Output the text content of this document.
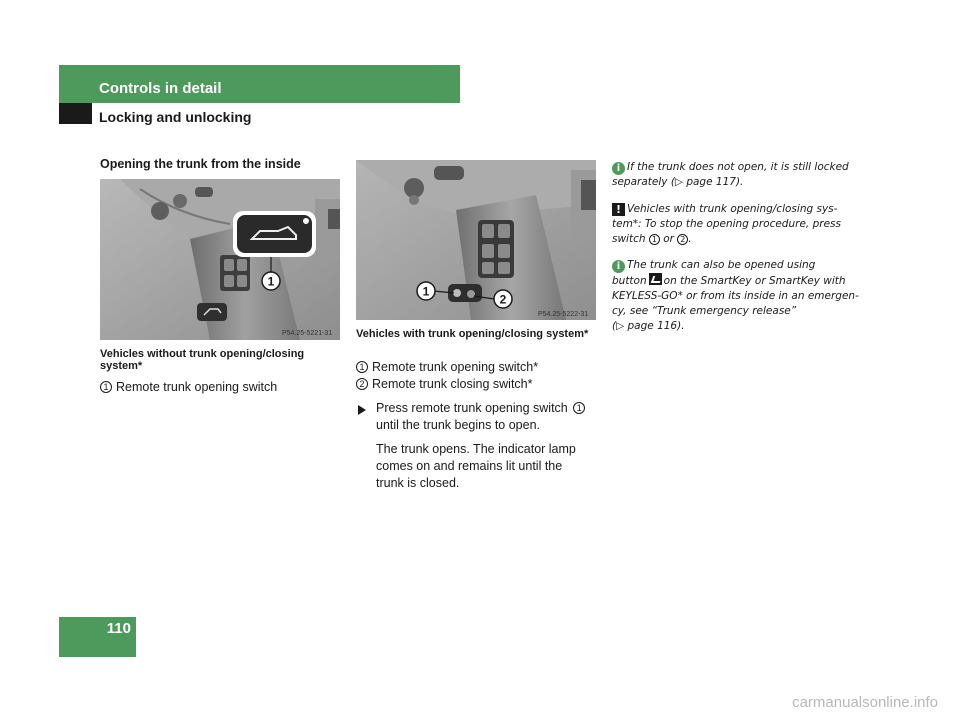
Controls in detail
Locking and unlocking
Opening the trunk from the inside
1
P54.25-5221-31
Vehicles without trunk opening/closing system*
1 Remote trunk opening switch
1
2
P54.25-5222-31
Vehicles with trunk opening/closing system*
1 Remote trunk opening switch*
2 Remote trunk closing switch*
Press remote trunk opening switch 1
until the trunk begins to open.
The trunk opens. The indicator lamp comes on and remains lit until the trunk is closed.
i If the trunk does not open, it is still locked
separately (▷ page 117).
! Vehicles with trunk opening/closing sys-
tem*: To stop the opening procedure, press
switch 1 or 2 .
i The trunk can also be opened using
button on the SmartKey or SmartKey with
KEYLESS-GO* or from its inside in an emergen-
cy, see “Trunk emergency release”
(▷ page 116).
110
carmanualsonline.info
